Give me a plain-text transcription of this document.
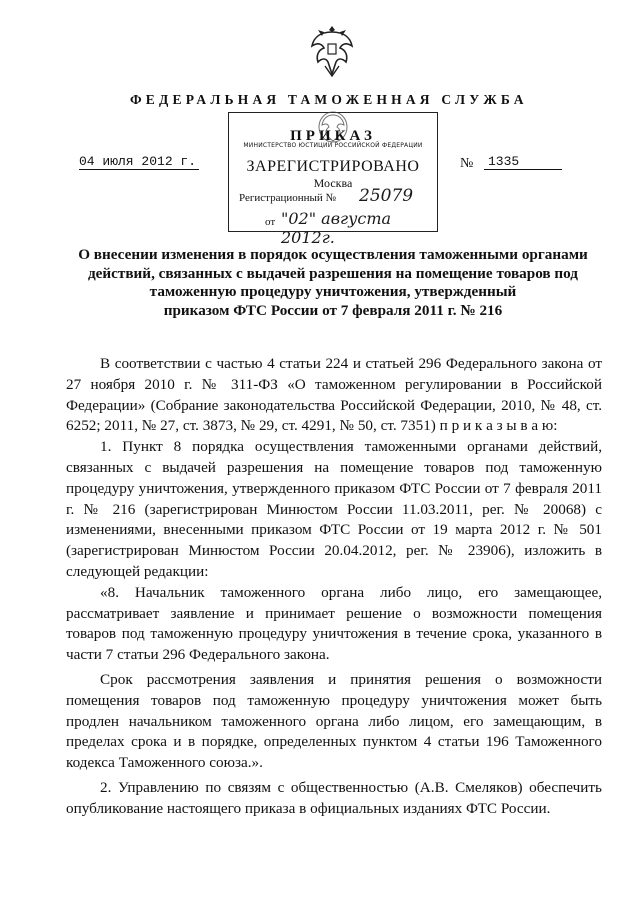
ФЕДЕРАЛЬНАЯ ТАМОЖЕННАЯ СЛУЖБА
04 июля 2012 г.	№	1335
ПРИКАЗ
МИНИСТЕРСТВО ЮСТИЦИИ РОССИЙСКОЙ ФЕДЕРАЦИИ
ЗАРЕГИСТРИРОВАНО
Москва
Регистрационный № 25079
от "02" августа 2012г.
О внесении изменения в порядок осуществления таможенными органами
действий, связанных с выдачей разрешения на помещение товаров под
таможенную процедуру уничтожения, утвержденный
приказом ФТС России от 7 февраля 2011 г. № 216

В соответствии с частью 4 статьи 224 и статьей 296 Федерального закона от 27 ноября 2010 г. № 311-ФЗ «О таможенном регулировании в Российской Федерации» (Собрание законодательства Российской Федерации, 2010, № 48, ст. 6252; 2011, № 27, ст. 3873, № 29, ст. 4291, № 50, ст. 7351) п р и к а з ы в а ю:

1. Пункт 8 порядка осуществления таможенными органами действий, связанных с выдачей разрешения на помещение товаров под таможенную процедуру уничтожения, утвержденного приказом ФТС России от 7 февраля 2011 г. № 216 (зарегистрирован Минюстом России 11.03.2011, рег. № 20068) с изменениями, внесенными приказом ФТС России от 19 марта 2012 г. № 501 (зарегистрирован Минюстом России 20.04.2012, рег. № 23906), изложить в следующей редакции:

«8. Начальник таможенного органа либо лицо, его замещающее, рассматривает заявление и принимает решение о возможности помещения товаров под таможенную процедуру уничтожения в течение срока, указанного в части 7 статьи 296 Федерального закона.

Срок рассмотрения заявления и принятия решения о возможности помещения товаров под таможенную процедуру уничтожения может быть продлен начальником таможенного органа либо лицом, его замещающим, в пределах срока и в порядке, определенных пунктом 4 статьи 196 Таможенного кодекса Таможенного союза.».

2. Управлению по связям с общественностью (А.В. Смеляков) обеспечить опубликование настоящего приказа в официальных изданиях ФТС России.
